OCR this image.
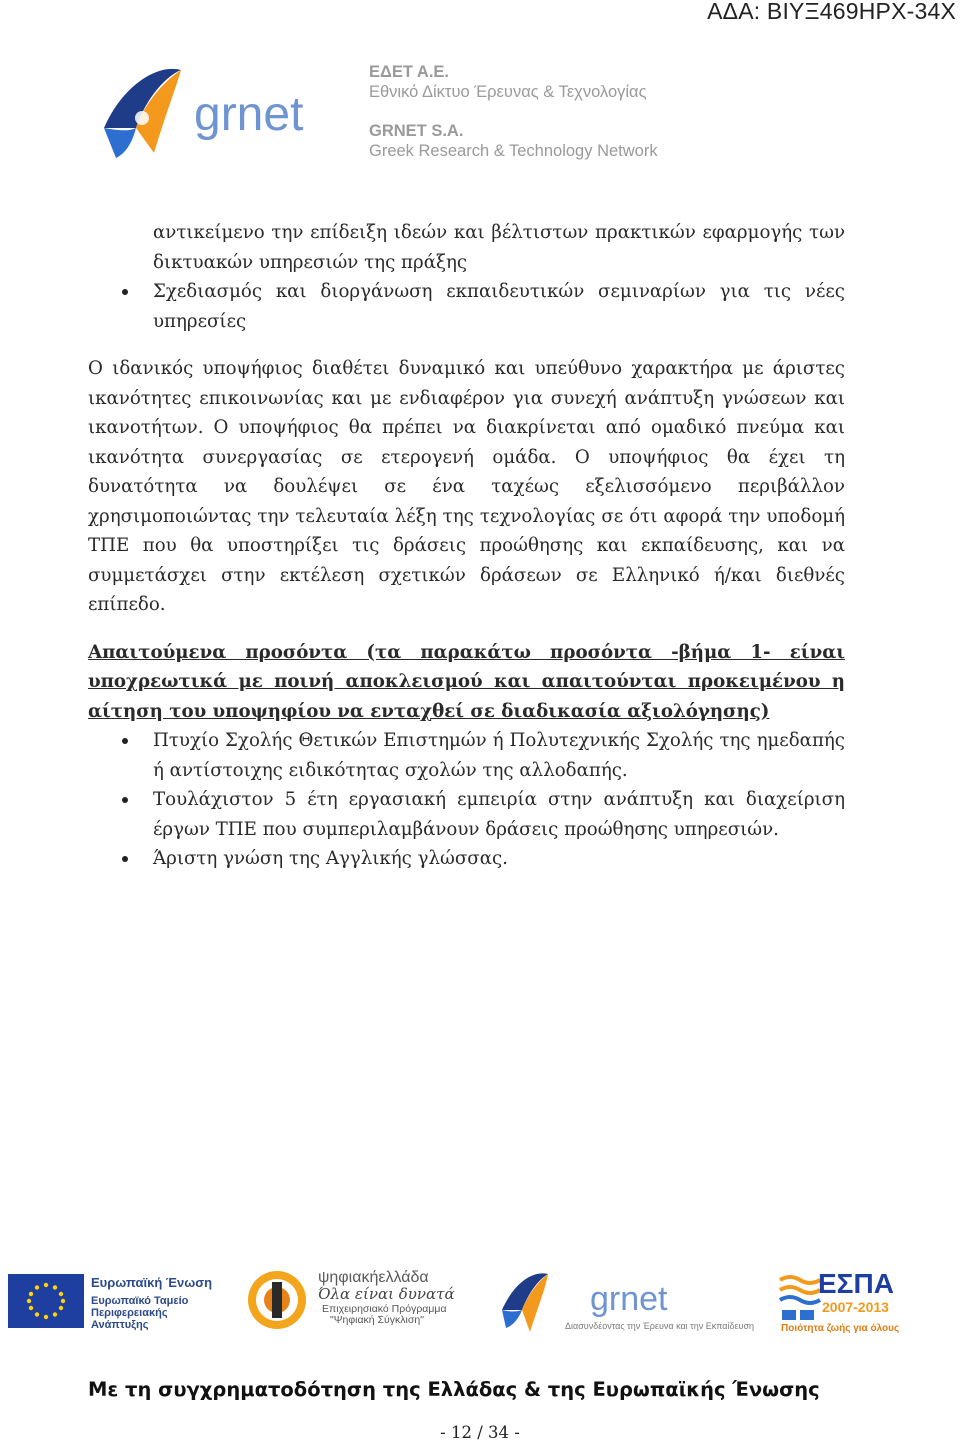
ΑΔΑ: ΒΙΥΞ469ΗΡΧ-34Χ
grnet
ΕΔΕΤ Α.Ε.
Εθνικό Δίκτυο Έρευνας & Τεχνολογίας
GRNET S.A.
Greek Research & Technology Network

αντικείμενο την επίδειξη ιδεών και βέλτιστων πρακτικών εφαρμογής των δικτυακών υπηρεσιών της πράξης

Σχεδιασμός και διοργάνωση εκπαιδευτικών σεμιναρίων για τις νέες υπηρεσίες

Ο ιδανικός υποψήφιος διαθέτει δυναμικό και υπεύθυνο χαρακτήρα με άριστες ικανότητες επικοινωνίας και με ενδιαφέρον για συνεχή ανάπτυξη γνώσεων και ικανοτήτων. Ο υποψήφιος θα πρέπει να διακρίνεται από ομαδικό πνεύμα και ικανότητα συνεργασίας σε ετερογενή ομάδα. Ο υποψήφιος θα έχει τη δυνατότητα να δουλέψει σε ένα ταχέως εξελισσόμενο περιβάλλον χρησιμοποιώντας την τελευταία λέξη της τεχνολογίας σε ότι αφορά την υποδομή ΤΠΕ που θα υποστηρίξει τις δράσεις προώθησης και εκπαίδευσης, και να συμμετάσχει στην εκτέλεση σχετικών δράσεων σε Ελληνικό ή/και διεθνές επίπεδο.

Απαιτούμενα προσόντα (τα παρακάτω προσόντα -βήμα 1- είναι υποχρεωτικά με ποινή αποκλεισμού και απαιτούνται προκειμένου η αίτηση του υποψηφίου να ενταχθεί σε διαδικασία αξιολόγησης)

Πτυχίο Σχολής Θετικών Επιστημών ή Πολυτεχνικής Σχολής της ημεδαπής ή αντίστοιχης ειδικότητας σχολών της αλλοδαπής.

Τουλάχιστον 5 έτη εργασιακή εμπειρία στην ανάπτυξη και διαχείριση έργων ΤΠΕ που συμπεριλαμβάνουν δράσεις προώθησης υπηρεσιών.

Άριστη γνώση της Αγγλικής γλώσσας.

Ευρωπαϊκή Ένωση
Ευρωπαϊκό Ταμείο
Περιφερειακής
Ανάπτυξης
ψηφιακήελλάδα
Όλα είναι δυνατά
Επιχειρησιακό Πρόγραμμα
"Ψηφιακή Σύγκλιση"
grnet
Διασυνδέοντας την Έρευνα και την Εκπαίδευση
ΕΣΠΑ
2007-2013
Ποιότητα ζωής για όλους
Με τη συγχρηματοδότηση της Ελλάδας & της Ευρωπαϊκής Ένωσης
- 12 / 34 -
